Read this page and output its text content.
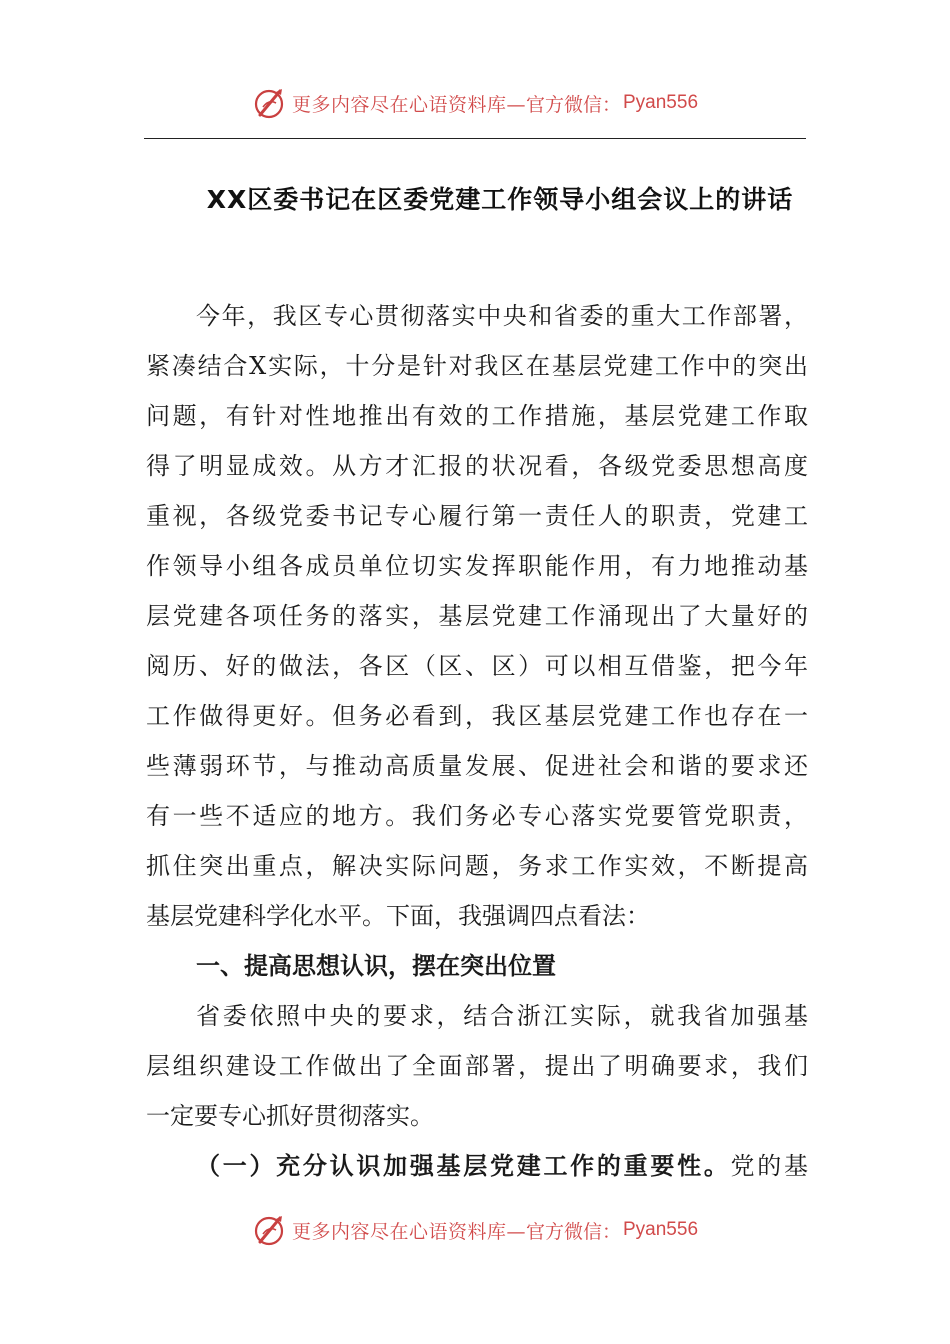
更多内容尽在心语资料库— 官方微信： Pyan556
XX区委书记在区委党建工作领导小组会议上的讲话
今年，我区专心贯彻落实中央和省委的重大工作部署，
紧凑结合X实际，十分是针对我区在基层党建工作中的突出
问题，有针对性地推出有效的工作措施，基层党建工作取
得了明显成效。从方才汇报的状况看，各级党委思想高度
重视，各级党委书记专心履行第一责任人的职责，党建工
作领导小组各成员单位切实发挥职能作用，有力地推动基
层党建各项任务的落实，基层党建工作涌现出了大量好的
阅历、好的做法，各区（区、区）可以相互借鉴，把今年
工作做得更好。但务必看到，我区基层党建工作也存在一
些薄弱环节，与推动高质量发展、促进社会和谐的要求还
有一些不适应的地方。我们务必专心落实党要管党职责，
抓住突出重点，解决实际问题，务求工作实效，不断提高
基层党建科学化水平。下面，我强调四点看法：
一、提高思想认识，摆在突出位置
省委依照中央的要求，结合浙江实际，就我省加强基
层组织建设工作做出了全面部署，提出了明确要求，我们
一定要专心抓好贯彻落实。
（一）充分认识加强基层党建工作的重要性。党的基
更多内容尽在心语资料库— 官方微信： Pyan556
